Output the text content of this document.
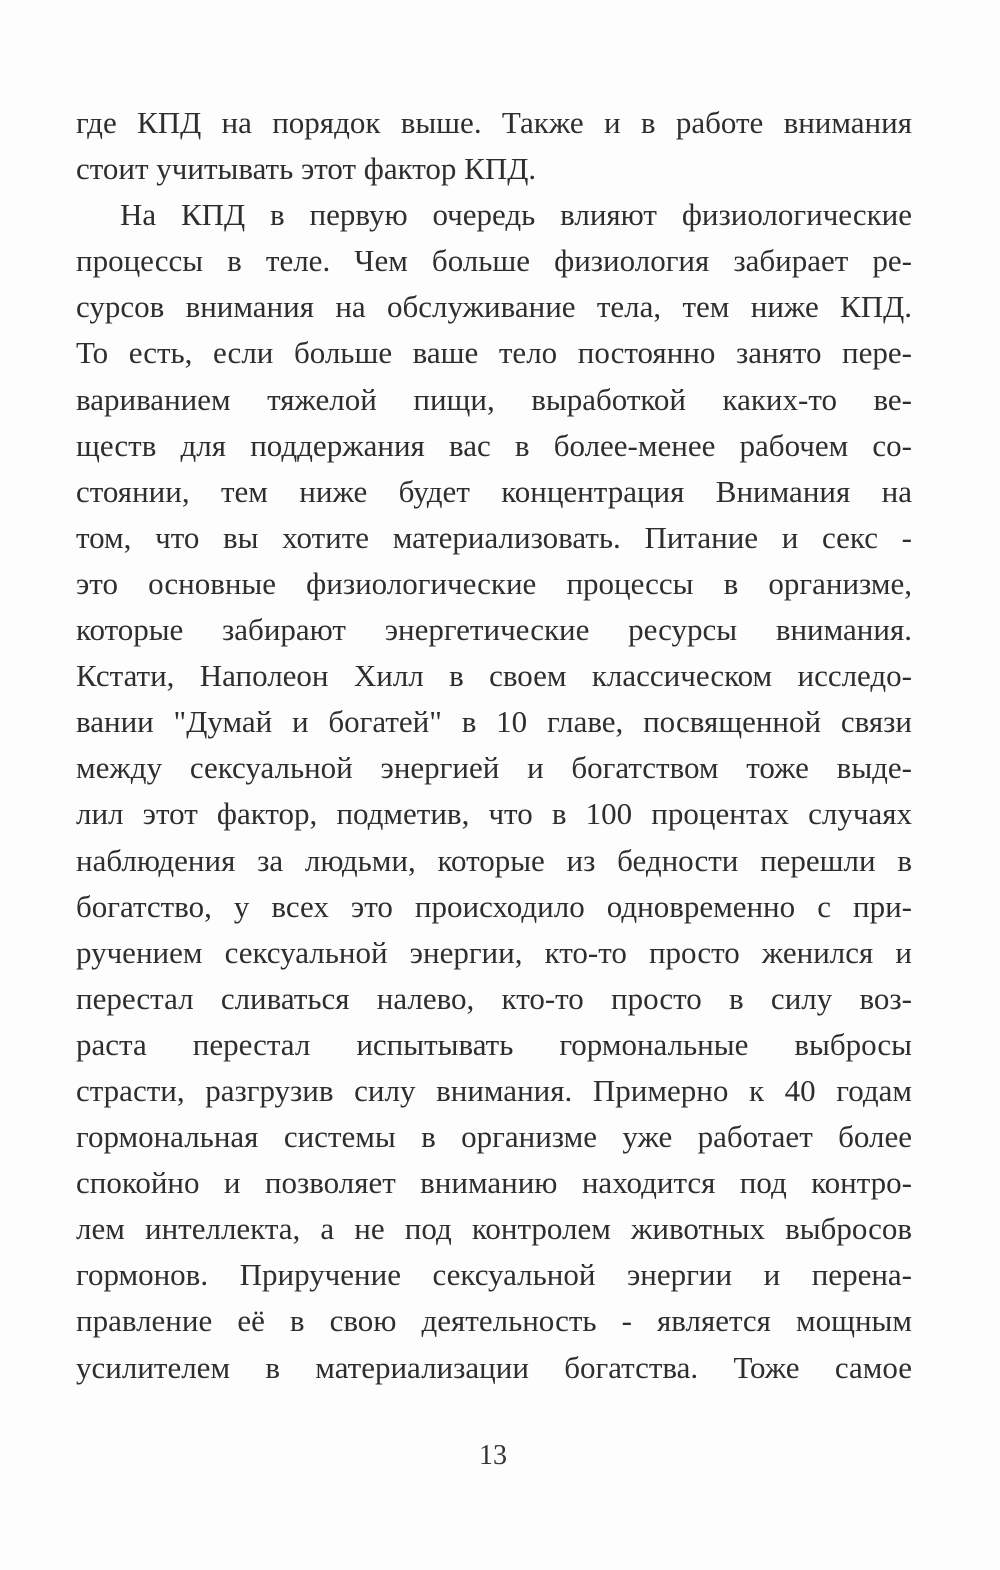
где КПД на порядок выше. Также и в работе внимания
стоит учитывать этот фактор КПД.
На КПД в первую очередь влияют физиологические
процессы в теле. Чем больше физиология забирает ре-
сурсов внимания на обслуживание тела, тем ниже КПД.
То есть, если больше ваше тело постоянно занято пере-
вариванием тяжелой пищи, выработкой каких-то ве-
ществ для поддержания вас в более-менее рабочем со-
стоянии, тем ниже будет концентрация Внимания на
том, что вы хотите материализовать. Питание и секс -
это основные физиологические процессы в организме,
которые забирают энергетические ресурсы внимания.
Кстати, Наполеон Хилл в своем классическом исследо-
вании "Думай и богатей" в 10 главе, посвященной связи
между сексуальной энергией и богатством тоже выде-
лил этот фактор, подметив, что в 100 процентах случаях
наблюдения за людьми, которые из бедности перешли в
богатство, у всех это происходило одновременно с при-
ручением сексуальной энергии, кто-то просто женился и
перестал сливаться налево, кто-то просто в силу воз-
раста перестал испытывать гормональные выбросы
страсти, разгрузив силу внимания. Примерно к 40 годам
гормональная системы в организме уже работает более
спокойно и позволяет вниманию находится под контро-
лем интеллекта, а не под контролем животных выбросов
гормонов. Приручение сексуальной энергии и перена-
правление её в свою деятельность - является мощным
усилителем в материализации богатства. Тоже самое
13
